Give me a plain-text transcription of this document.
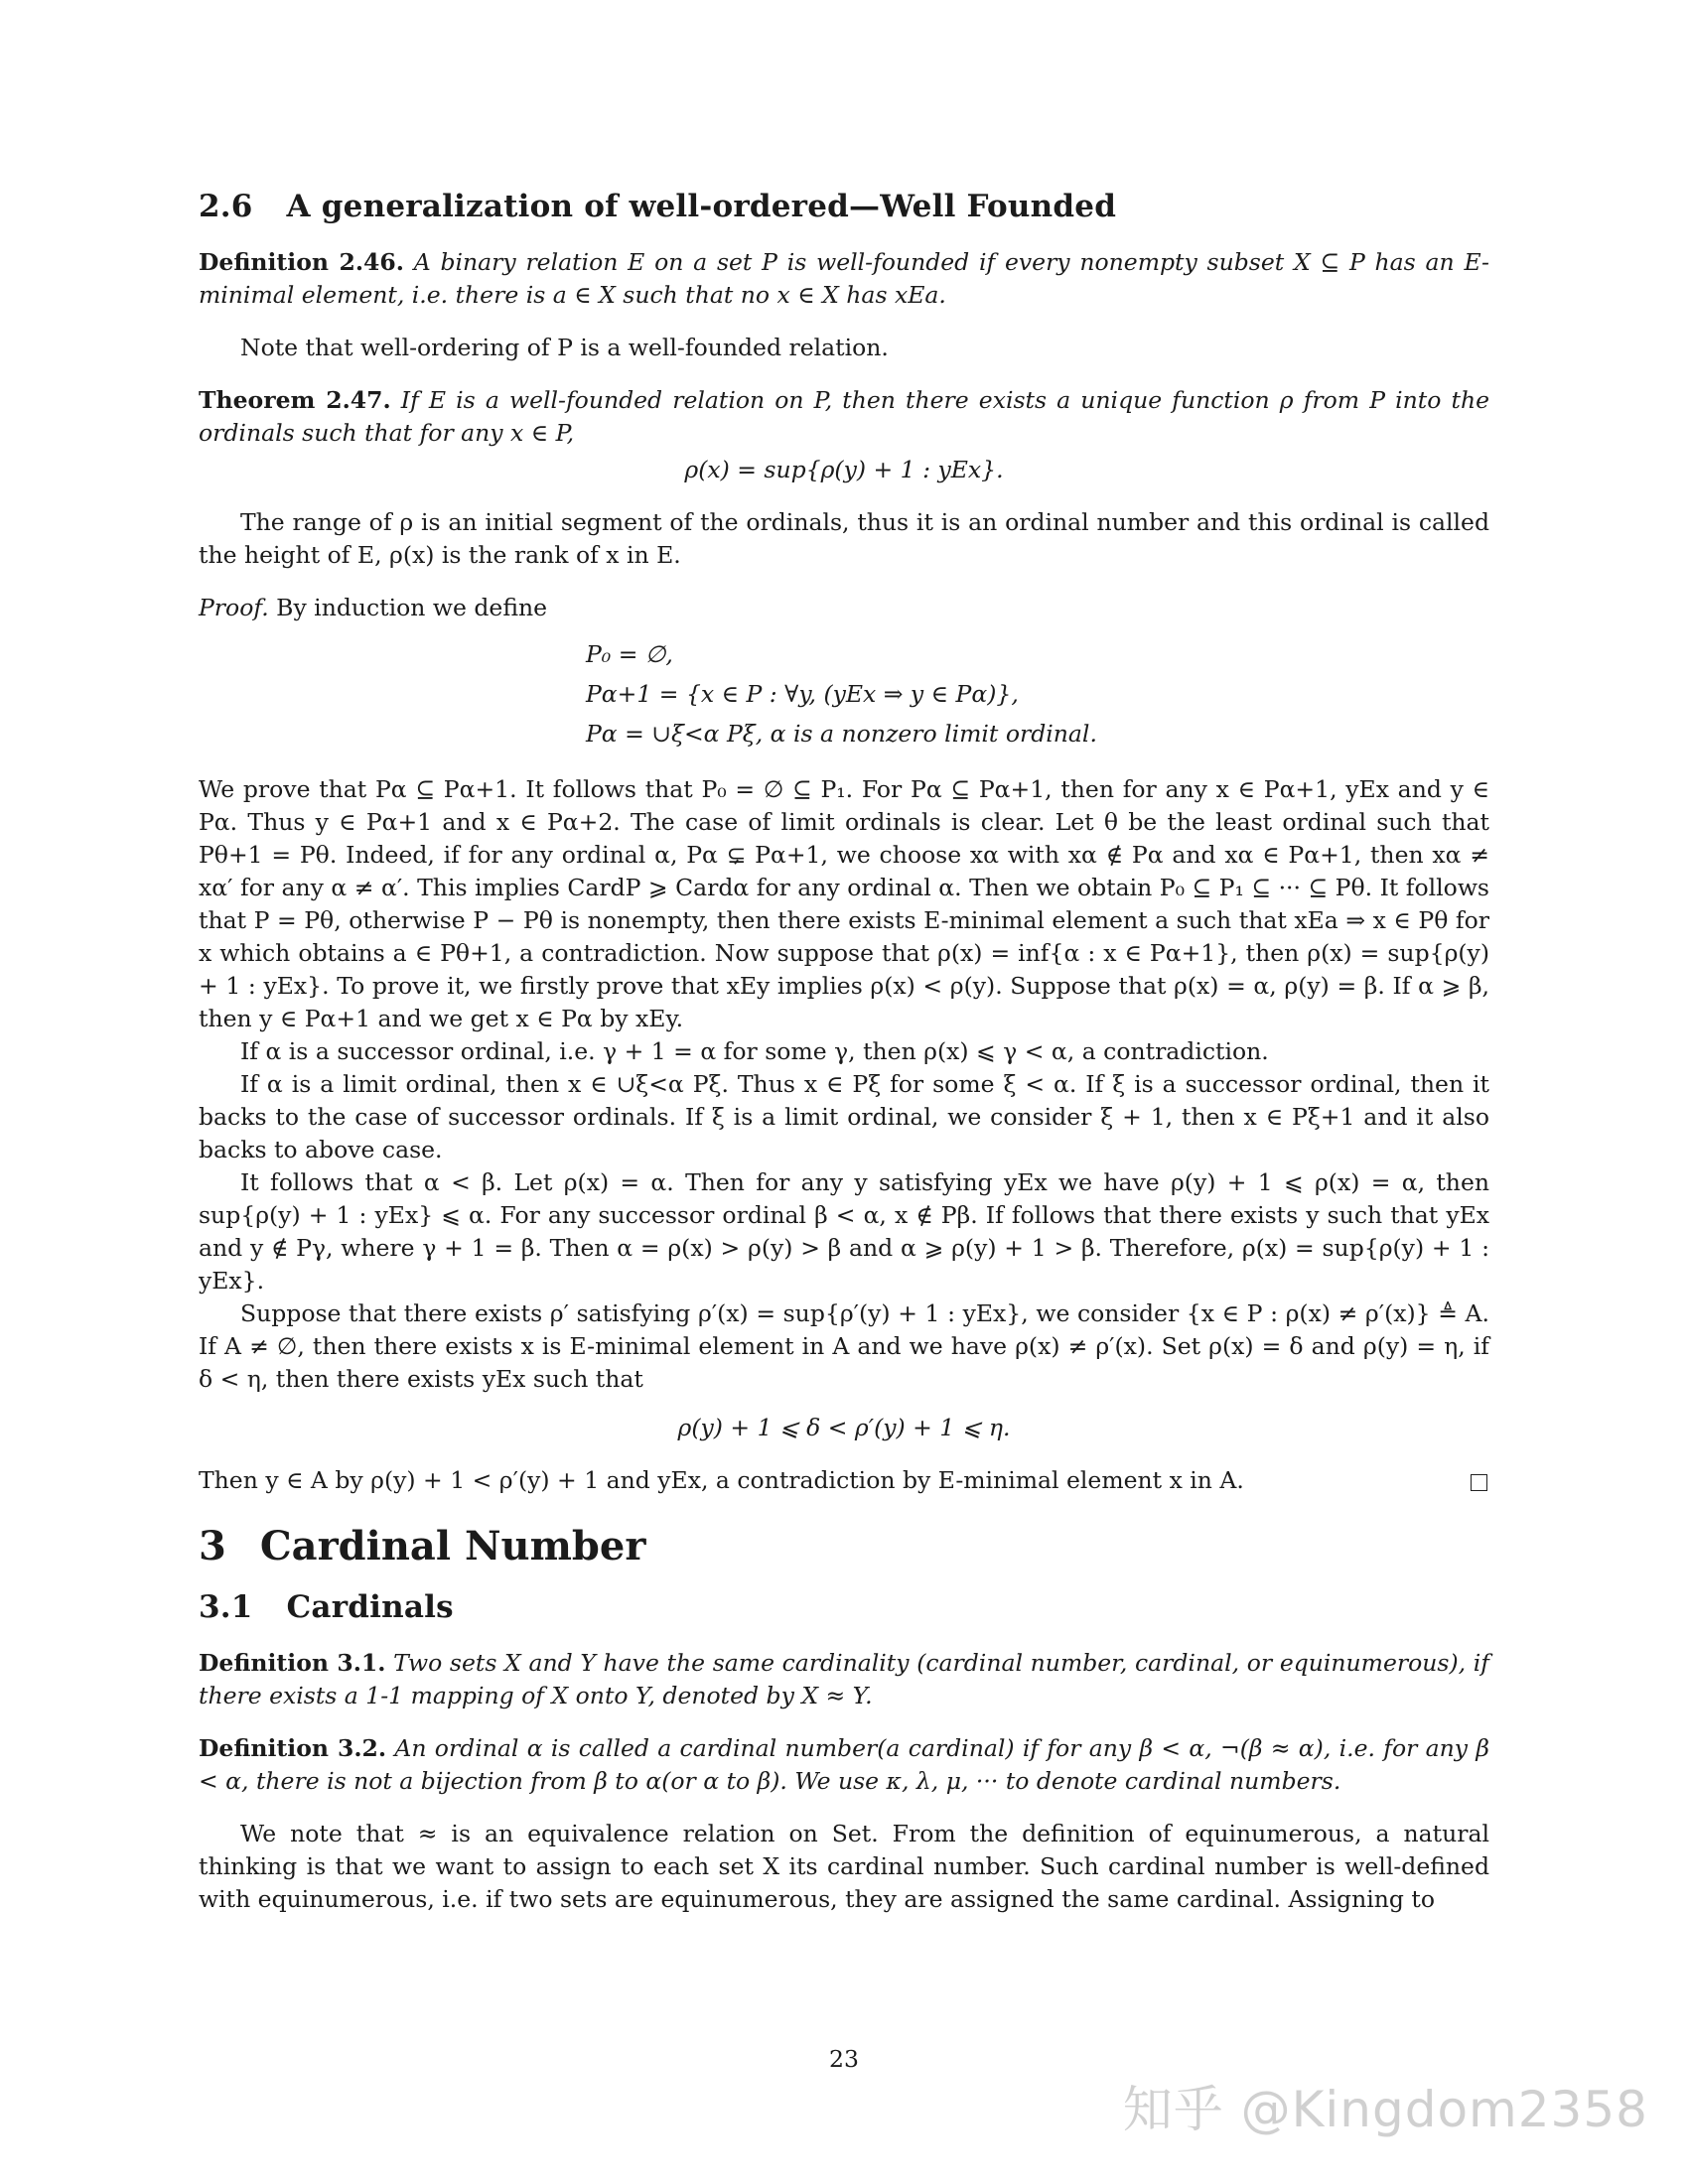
2.6 A generalization of well-ordered—Well Founded

Definition 2.46. A binary relation E on a set P is well-founded if every nonempty subset X ⊆ P has an E-minimal element, i.e. there is a ∈ X such that no x ∈ X has xEa.

Note that well-ordering of P is a well-founded relation.

Theorem 2.47. If E is a well-founded relation on P, then there exists a unique function ρ from P into the ordinals such that for any x ∈ P,

ρ(x) = sup{ρ(y) + 1 : yEx}.

The range of ρ is an initial segment of the ordinals, thus it is an ordinal number and this ordinal is called the height of E, ρ(x) is the rank of x in E.

Proof. By induction we define

P₀ = ∅,
Pα+1 = {x ∈ P : ∀y, (yEx ⇒ y ∈ Pα)},
Pα = ∪ξ<α Pξ, α is a nonzero limit ordinal.

We prove that Pα ⊆ Pα+1. It follows that P₀ = ∅ ⊆ P₁. For Pα ⊆ Pα+1, then for any x ∈ Pα+1, yEx and y ∈ Pα. Thus y ∈ Pα+1 and x ∈ Pα+2. The case of limit ordinals is clear. Let θ be the least ordinal such that Pθ+1 = Pθ. Indeed, if for any ordinal α, Pα ⊊ Pα+1, we choose xα with xα ∉ Pα and xα ∈ Pα+1, then xα ≠ xα′ for any α ≠ α′. This implies CardP ⩾ Cardα for any ordinal α. Then we obtain P₀ ⊆ P₁ ⊆ ··· ⊆ Pθ. It follows that P = Pθ, otherwise P − Pθ is nonempty, then there exists E-minimal element a such that xEa ⇒ x ∈ Pθ for x which obtains a ∈ Pθ+1, a contradiction. Now suppose that ρ(x) = inf{α : x ∈ Pα+1}, then ρ(x) = sup{ρ(y) + 1 : yEx}. To prove it, we firstly prove that xEy implies ρ(x) < ρ(y). Suppose that ρ(x) = α, ρ(y) = β. If α ⩾ β, then y ∈ Pα+1 and we get x ∈ Pα by xEy.

If α is a successor ordinal, i.e. γ + 1 = α for some γ, then ρ(x) ⩽ γ < α, a contradiction.

If α is a limit ordinal, then x ∈ ∪ξ<α Pξ. Thus x ∈ Pξ for some ξ < α. If ξ is a successor ordinal, then it backs to the case of successor ordinals. If ξ is a limit ordinal, we consider ξ + 1, then x ∈ Pξ+1 and it also backs to above case.

It follows that α < β. Let ρ(x) = α. Then for any y satisfying yEx we have ρ(y) + 1 ⩽ ρ(x) = α, then sup{ρ(y) + 1 : yEx} ⩽ α. For any successor ordinal β < α, x ∉ Pβ. If follows that there exists y such that yEx and y ∉ Pγ, where γ + 1 = β. Then α = ρ(x) > ρ(y) > β and α ⩾ ρ(y) + 1 > β. Therefore, ρ(x) = sup{ρ(y) + 1 : yEx}.

Suppose that there exists ρ′ satisfying ρ′(x) = sup{ρ′(y) + 1 : yEx}, we consider {x ∈ P : ρ(x) ≠ ρ′(x)} ≜ A. If A ≠ ∅, then there exists x is E-minimal element in A and we have ρ(x) ≠ ρ′(x). Set ρ(x) = δ and ρ(y) = η, if δ < η, then there exists yEx such that

ρ(y) + 1 ⩽ δ < ρ′(y) + 1 ⩽ η.

Then y ∈ A by ρ(y) + 1 < ρ′(y) + 1 and yEx, a contradiction by E-minimal element x in A.

3 Cardinal Number
3.1 Cardinals

Definition 3.1. Two sets X and Y have the same cardinality (cardinal number, cardinal, or equinumerous), if there exists a 1-1 mapping of X onto Y, denoted by X ≈ Y.

Definition 3.2. An ordinal α is called a cardinal number(a cardinal) if for any β < α, ¬(β ≈ α), i.e. for any β < α, there is not a bijection from β to α(or α to β). We use κ, λ, μ, ··· to denote cardinal numbers.

We note that ≈ is an equivalence relation on Set. From the definition of equinumerous, a natural thinking is that we want to assign to each set X its cardinal number. Such cardinal number is well-defined with equinumerous, i.e. if two sets are equinumerous, they are assigned the same cardinal. Assigning to

23
知乎 @Kingdom2358
